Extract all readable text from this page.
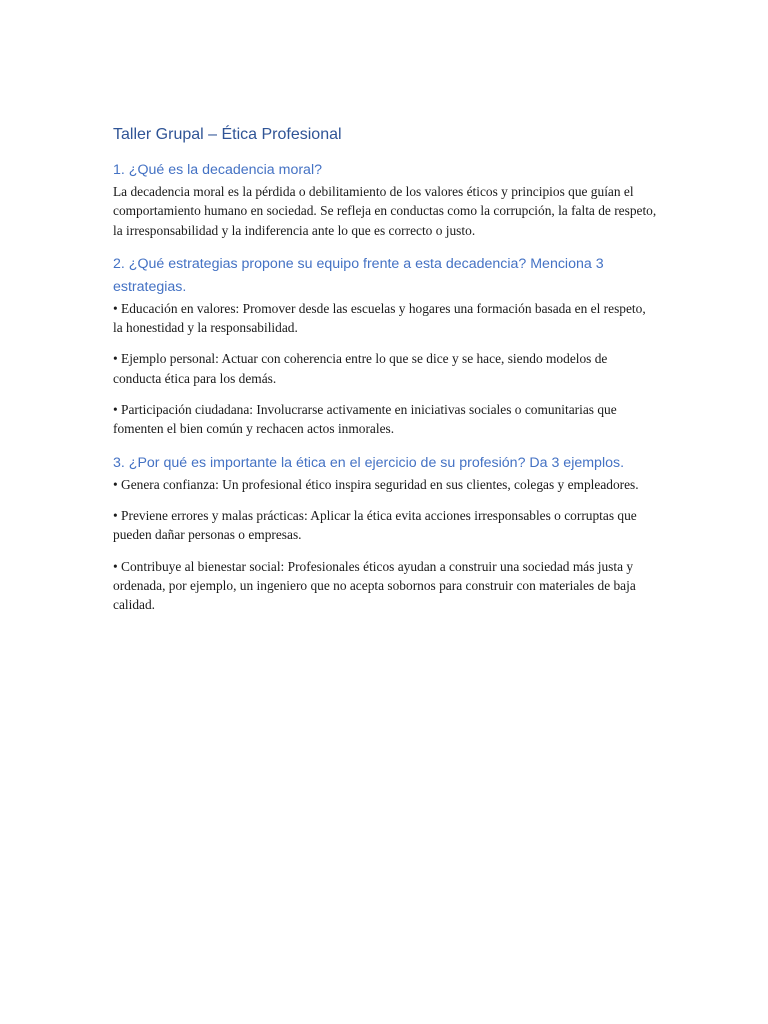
Taller Grupal – Ética Profesional
1. ¿Qué es la decadencia moral?

La decadencia moral es la pérdida o debilitamiento de los valores éticos y principios que guían el comportamiento humano en sociedad. Se refleja en conductas como la corrupción, la falta de respeto, la irresponsabilidad y la indiferencia ante lo que es correcto o justo.

2. ¿Qué estrategias propone su equipo frente a esta decadencia? Menciona 3 estrategias.

• Educación en valores: Promover desde las escuelas y hogares una formación basada en el respeto, la honestidad y la responsabilidad.

• Ejemplo personal: Actuar con coherencia entre lo que se dice y se hace, siendo modelos de conducta ética para los demás.

• Participación ciudadana: Involucrarse activamente en iniciativas sociales o comunitarias que fomenten el bien común y rechacen actos inmorales.

3. ¿Por qué es importante la ética en el ejercicio de su profesión? Da 3 ejemplos.

• Genera confianza: Un profesional ético inspira seguridad en sus clientes, colegas y empleadores.

• Previene errores y malas prácticas: Aplicar la ética evita acciones irresponsables o corruptas que pueden dañar personas o empresas.

• Contribuye al bienestar social: Profesionales éticos ayudan a construir una sociedad más justa y ordenada, por ejemplo, un ingeniero que no acepta sobornos para construir con materiales de baja calidad.
